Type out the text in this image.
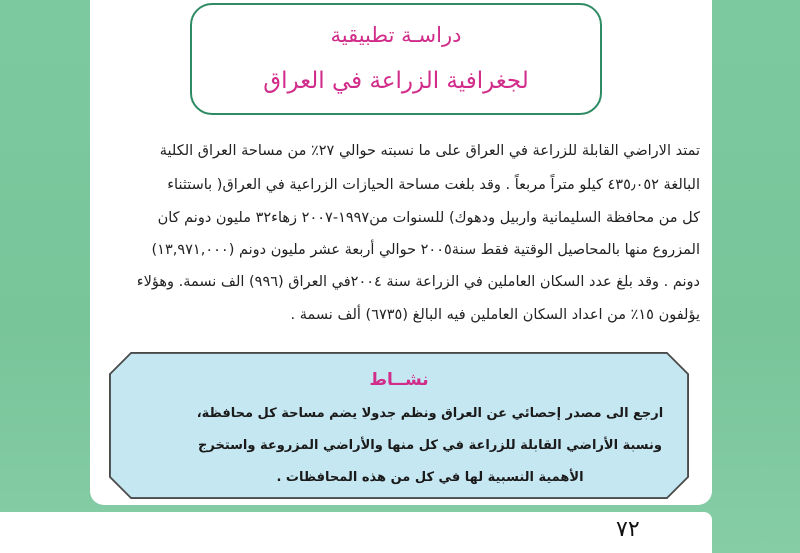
دراسـة تطبيقية
لجغرافية الزراعة في العراق
تمتد الاراضي القابلة للزراعة في العراق على ما نسبته حوالي ٢٧٪ من مساحة العراق الكلية
البالغة ٤٣٥٫٠٥٢ كيلو متراً مربعاً . وقد بلغت مساحة الحيازات الزراعية في العراق( باستثناء
كل من محافظة السليمانية واربيل ودهوك) للسنوات من١٩٩٧-٢٠٠٧ زهاء٣٢ مليون دونم كان
المزروع منها بالمحاصيل الوقتية فقط سنة٢٠٠٥ حوالي أربعة عشر مليون دونم (١٣,٩٧١,٠٠٠)
دونم . وقد بلغ عدد السكان العاملين في الزراعة سنة ٢٠٠٤في العراق (٩٩٦) الف نسمة. وهؤلاء
يؤلفون ١٥٪ من اعداد السكان العاملين فيه البالغ (٦٧٣٥) ألف نسمة .
نشــاط
ارجع الى مصدر إحصائي عن العراق ونظم جدولا يضم مساحة كل محافظة،
ونسبة الأراضي القابلة للزراعة في كل منها والأراضي المزروعة واستخرج
الأهمية النسبية لها في كل من هذه المحافظات .
٧٢
